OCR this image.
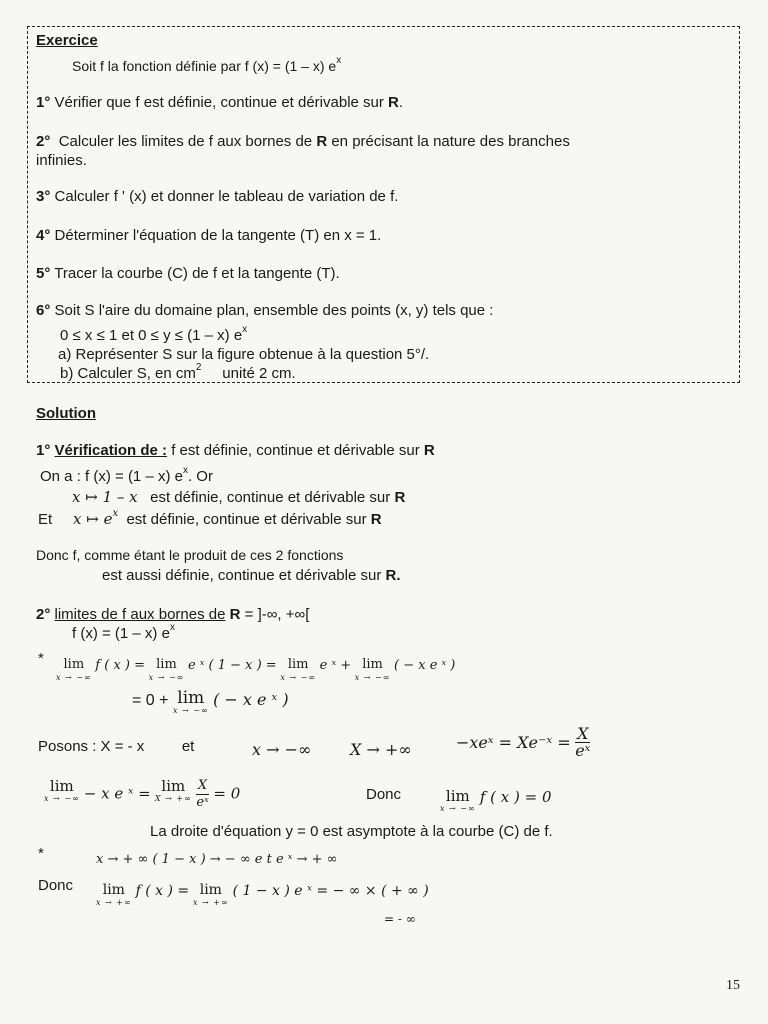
Exercice
Soit f la fonction définie par f (x) = (1 – x) $e^x$
1° Vérifier que f est définie, continue et dérivable sur R.
2° Calculer les limites de f aux bornes de R en précisant la nature des branches
infinies.
3° Calculer f ' (x) et donner le tableau de variation de f.
4° Déterminer l'équation de la tangente (T) en x = 1.
5° Tracer la courbe (C) de f et la tangente (T).
6° Soit S l'aire du domaine plan, ensemble des points (x, y) tels que :
0 ≤ x ≤ 1 et 0 ≤ y ≤ (1 – x) $e^x$
a) Représenter S sur la figure obtenue à la question 5°/.
b) Calculer S, en $cm^2$ unité 2 cm.
Solution
1° Vérification de : f est définie, continue et dérivable sur R
On a : f (x) = (1 – x) $e^x$. Or
x ↦ 1 – x est définie, continue et dérivable sur R
Et x ↦ $e^x$ est définie, continue et dérivable sur R
Donc f, comme étant le produit de ces 2 fonctions
est aussi définie, continue et dérivable sur R.
2° limites de f aux bornes de R = ]-∞, +∞[
f (x) = (1 – x) $e^x$
*	lim
x → −∞
f ( x ) = lim
x → −∞
e ˣ ( 1 − x ) = lim
x → −∞
e ˣ + lim
x → −∞
( − x e ˣ )
= 0 + lim
x → −∞
( − x e ˣ )
Posons : X = - x	et	x → −∞ X → +∞	−xeˣ = Xe⁻ˣ = $\frac{X}{\text{eˣ}}$
lim
x → −∞ − x e ˣ = lim
X → +∞
$\frac{X}{\text{eˣ}} = 0$	Donc	lim
x → −∞
f ( x ) = 0
La droite d'équation y = 0 est asymptote à la courbe (C) de f.
*	x → + ∞ ( 1 − x ) → − ∞ e t e ˣ → + ∞
Donc	lim
x → +∞
f ( x ) = lim
x → +∞
( 1 − x ) e ˣ = − ∞ × ( + ∞ )
= - ∞
15
